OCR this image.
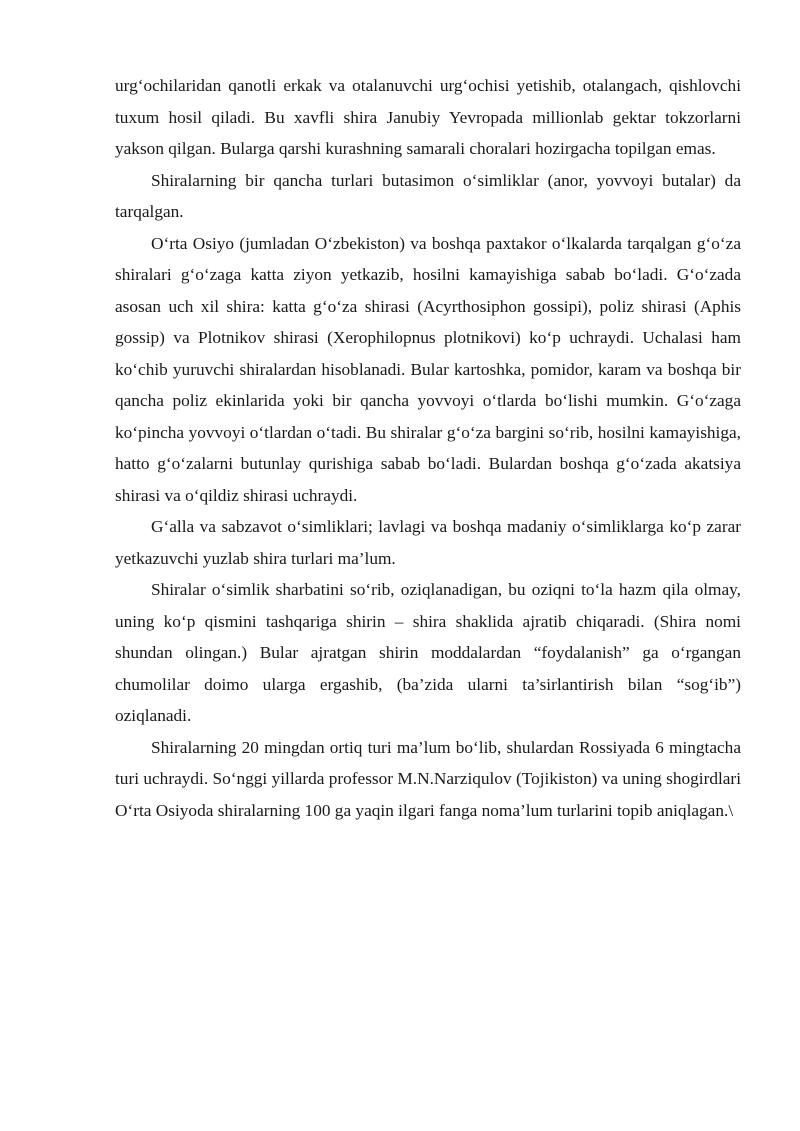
urg‘ochilaridan qanotli erkak va otalanuvchi urg‘ochisi yetishib, otalangach, qishlovchi tuxum hosil qiladi. Bu xavfli shira Janubiy Yevropada millionlab gektar tokzorlarni yakson qilgan. Bularga qarshi kurashning samarali choralari hozirgacha topilgan emas.

Shiralarning bir qancha turlari butasimon o‘simliklar (anor, yovvoyi butalar) da tarqalgan.

O‘rta Osiyo (jumladan O‘zbekiston) va boshqa paxtakor o‘lkalarda tarqalgan g‘o‘za shiralari g‘o‘zaga katta ziyon yetkazib, hosilni kamayishiga sabab bo‘ladi. G‘o‘zada asosan uch xil shira: katta g‘o‘za shirasi (Acyrthosiphon gossipi), poliz shirasi (Aphis gossip) va Plotnikov shirasi (Xerophilopnus plotnikovi) ko‘p uchraydi. Uchalasi ham ko‘chib yuruvchi shiralardan hisoblanadi. Bular kartoshka, pomidor, karam va boshqa bir qancha poliz ekinlarida yoki bir qancha yovvoyi o‘tlarda bo‘lishi mumkin. G‘o‘zaga ko‘pincha yovvoyi o‘tlardan o‘tadi. Bu shiralar g‘o‘za bargini so‘rib, hosilni kamayishiga, hatto g‘o‘zalarni butunlay qurishiga sabab bo‘ladi. Bulardan boshqa g‘o‘zada akatsiya shirasi va o‘qildiz shirasi uchraydi.

G‘alla va sabzavot o‘simliklari; lavlagi va boshqa madaniy o‘simliklarga ko‘p zarar yetkazuvchi yuzlab shira turlari ma’lum.

Shiralar o‘simlik sharbatini so‘rib, oziqlanadigan, bu oziqni to‘la hazm qila olmay, uning ko‘p qismini tashqariga shirin – shira shaklida ajratib chiqaradi. (Shira nomi shundan olingan.) Bular ajratgan shirin moddalardan “foydalanish” ga o‘rgangan chumolilar doimo ularga ergashib, (ba’zida ularni ta’sirlantirish bilan “sog‘ib”) oziqlanadi.

Shiralarning 20 mingdan ortiq turi ma’lum bo‘lib, shulardan Rossiyada 6 mingtacha turi uchraydi. So‘nggi yillarda professor M.N.Narziqulov (Tojikiston) va uning shogirdlari O‘rta Osiyoda shiralarning 100 ga yaqin ilgari fanga noma’lum turlarini topib aniqlagan.\
